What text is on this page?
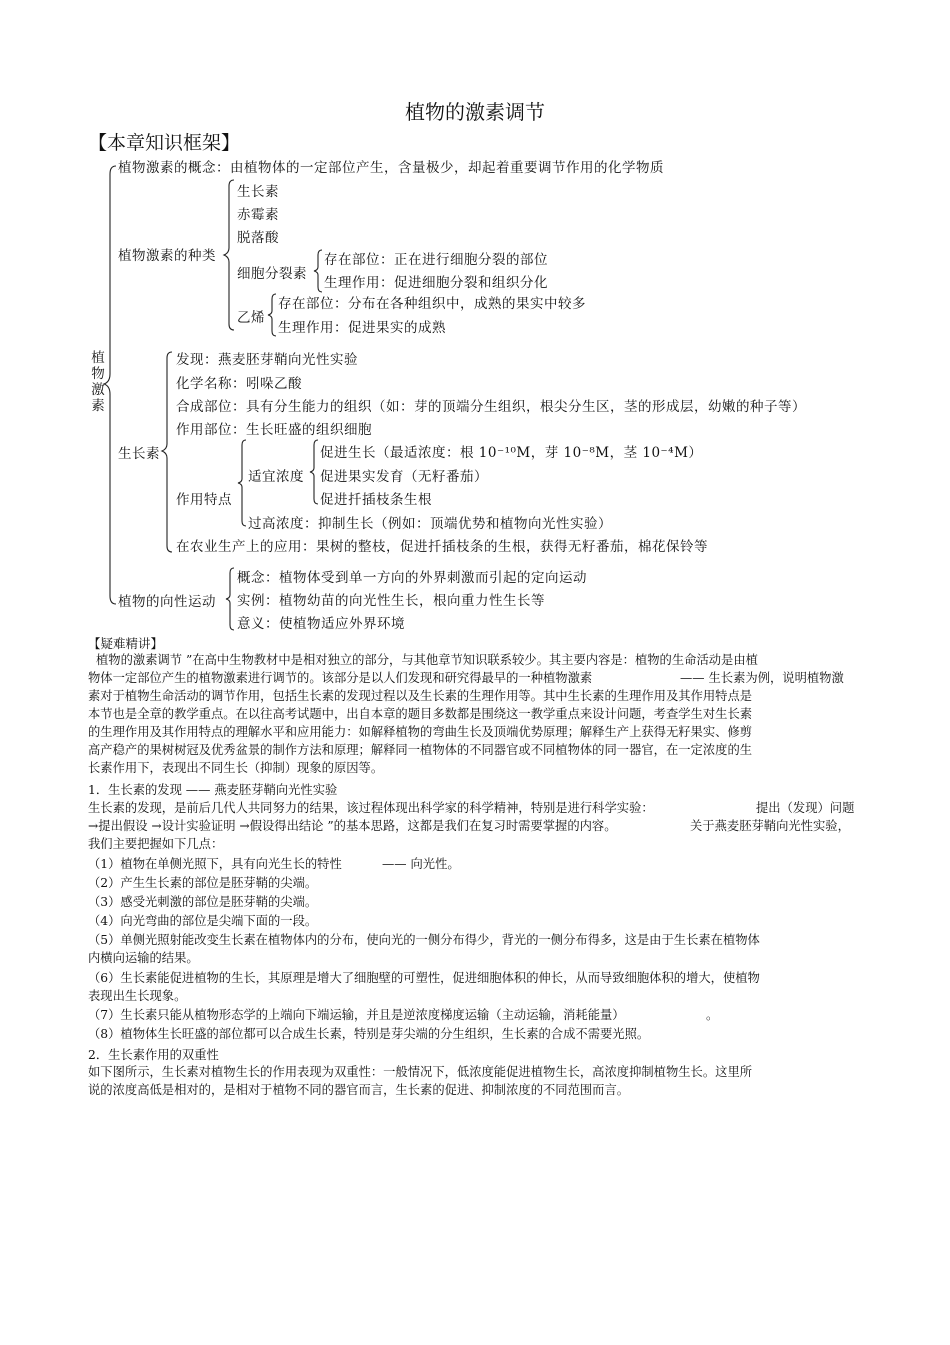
植物的激素调节
【本章知识框架】
植物激素
植物激素的概念：由植物体的一定部位产生，含量极少，却起着重要调节作用的化学物质
植物激素的种类
生长素
赤霉素
脱落酸
细胞分裂素
存在部位：正在进行细胞分裂的部位
生理作用：促进细胞分裂和组织分化
乙烯
存在部位：分布在各种组织中，成熟的果实中较多
生理作用：促进果实的成熟
生长素
发现：燕麦胚芽鞘向光性实验
化学名称：吲哚乙酸
合成部位：具有分生能力的组织（如：芽的顶端分生组织，根尖分生区，茎的形成层，幼嫩的种子等）
作用部位：生长旺盛的组织细胞
作用特点
适宜浓度
促进生长（最适浓度：根 10⁻¹⁰M，芽 10⁻⁸M，茎 10⁻⁴M）
促进果实发育（无籽番茄）
促进扦插枝条生根
过高浓度：抑制生长（例如：顶端优势和植物向光性实验）
在农业生产上的应用：果树的整枝，促进扦插枝条的生根，获得无籽番茄，棉花保铃等
植物的向性运动
概念：植物体受到单一方向的外界刺激而引起的定向运动
实例：植物幼苗的向光性生长，根向重力性生长等
意义：使植物适应外界环境
【疑难精讲】
植物的激素调节 ”在高中生物教材中是相对独立的部分，与其他章节知识联系较少。其主要内容是：植物的生命活动是由植
物体一定部位产生的植物激素进行调节的。该部分是以人们发现和研究得最早的一种植物激素	—— 生长素为例，说明植物激
素对于植物生命活动的调节作用，包括生长素的发现过程以及生长素的生理作用等。其中生长素的生理作用及其作用特点是
本节也是全章的教学重点。在以往高考试题中，出自本章的题目多数都是围绕这一教学重点来设计问题，考查学生对生长素
的生理作用及其作用特点的理解水平和应用能力：如解释植物的弯曲生长及顶端优势原理；解释生产上获得无籽果实、修剪
高产稳产的果树树冠及优秀盆景的制作方法和原理；解释同一植物体的不同器官或不同植物体的同一器官，在一定浓度的生
长素作用下，表现出不同生长（抑制）现象的原因等。
1．生长素的发现 —— 燕麦胚芽鞘向光性实验
生长素的发现，是前后几代人共同努力的结果，该过程体现出科学家的科学精神，特别是进行科学实验：	提出（发现）问题
→提出假设 →设计实验证明 →假设得出结论 ”的基本思路，这都是我们在复习时需要掌握的内容。	关于燕麦胚芽鞘向光性实验，
我们主要把握如下几点：
（1）植物在单侧光照下，具有向光生长的特性	—— 向光性。
（2）产生生长素的部位是胚芽鞘的尖端。
（3）感受光刺激的部位是胚芽鞘的尖端。
（4）向光弯曲的部位是尖端下面的一段。
（5）单侧光照射能改变生长素在植物体内的分布，使向光的一侧分布得少，背光的一侧分布得多，这是由于生长素在植物体
内横向运输的结果。
（6）生长素能促进植物的生长，其原理是增大了细胞壁的可塑性，促进细胞体积的伸长，从而导致细胞体积的增大，使植物
表现出生长现象。
（7）生长素只能从植物形态学的上端向下端运输，并且是逆浓度梯度运输（主动运输，消耗能量）	。
（8）植物体生长旺盛的部位都可以合成生长素，特别是芽尖端的分生组织，生长素的合成不需要光照。
2．生长素作用的双重性
如下图所示，生长素对植物生长的作用表现为双重性：一般情况下，低浓度能促进植物生长，高浓度抑制植物生长。这里所
说的浓度高低是相对的，是相对于植物不同的器官而言，生长素的促进、抑制浓度的不同范围而言。
